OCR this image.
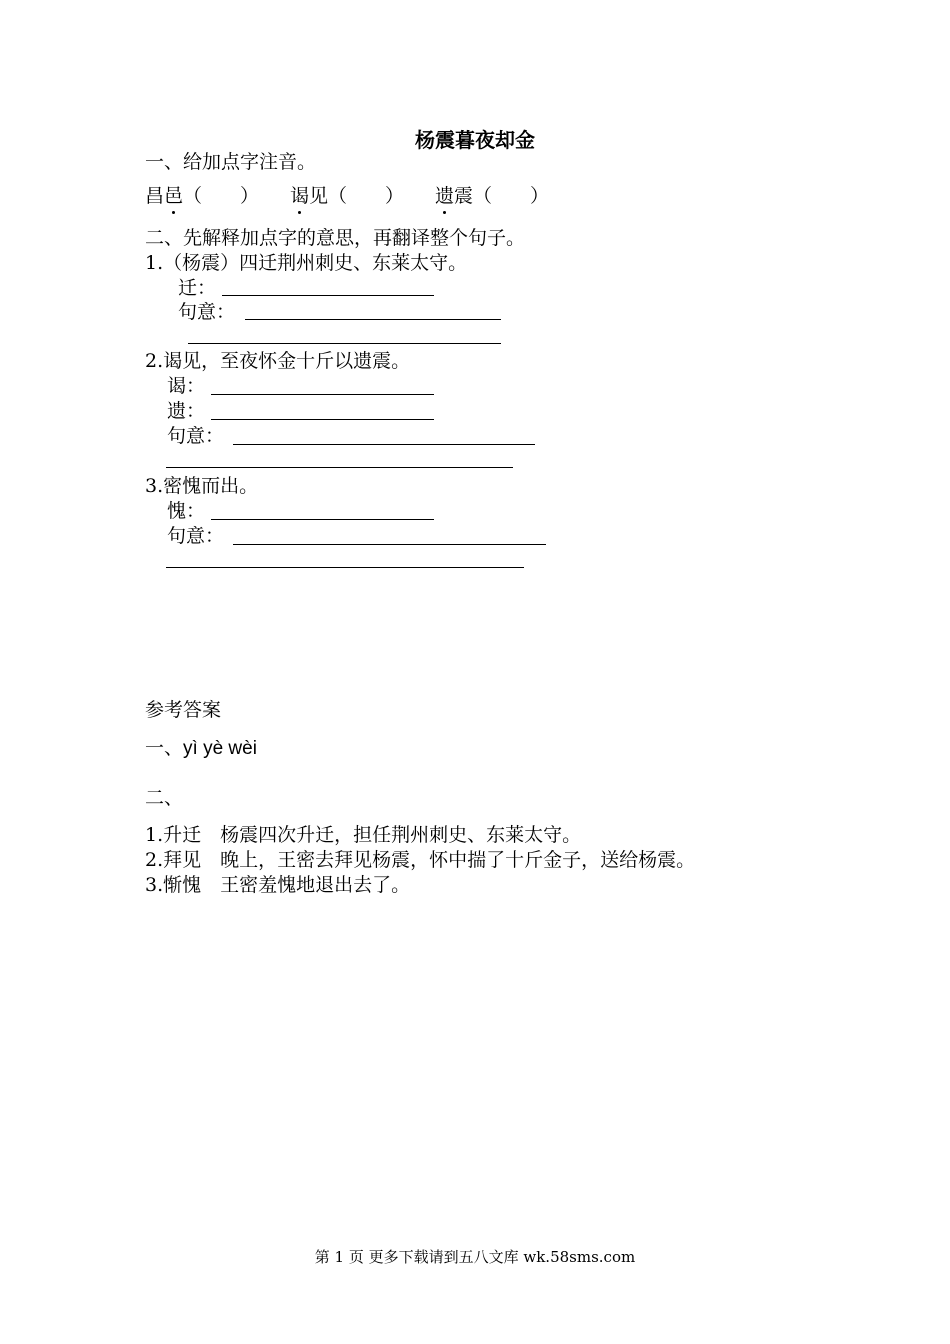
杨震暮夜却金
一、给加点字注音。
昌邑（　　） 谒见（　　） 遗震（　　）
二、先解释加点字的意思，再翻译整个句子。
1.（杨震）四迁荆州刺史、东莱太守。
迁：
句意：
2.谒见，至夜怀金十斤以遗震。
谒：
遗：
句意：
3.密愧而出。
愧：
句意：
参考答案
一、yì yè wèi
二、
1.升迁　杨震四次升迁，担任荆州刺史、东莱太守。
2.拜见　晚上，王密去拜见杨震，怀中揣了十斤金子，送给杨震。
3.惭愧　王密羞愧地退出去了。
第 1 页 更多下载请到五八文库 wk.58sms.com
